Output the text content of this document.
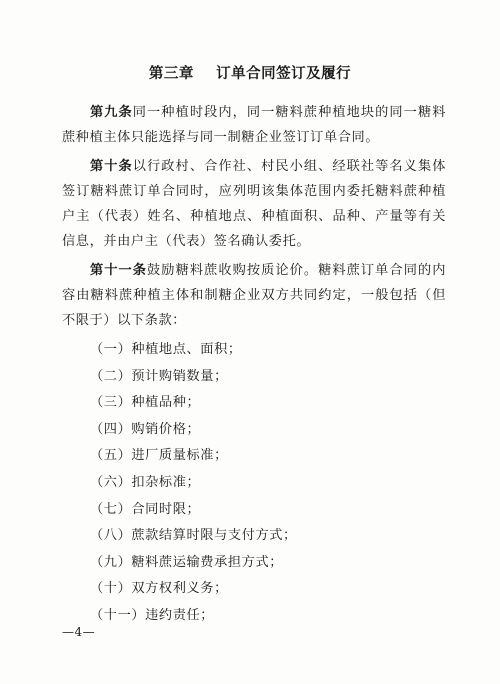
第三章    订单合同签订及履行

第九条同一种植时段内，同一糖料蔗种植地块的同一糖料蔗种植主体只能选择与同一制糖企业签订订单合同。

第十条以行政村、合作社、村民小组、经联社等名义集体签订糖料蔗订单合同时，应列明该集体范围内委托糖料蔗种植户主（代表）姓名、种植地点、种植面积、品种、产量等有关信息，并由户主（代表）签名确认委托。

第十一条鼓励糖料蔗收购按质论价。糖料蔗订单合同的内容由糖料蔗种植主体和制糖企业双方共同约定，一般包括（但不限于）以下条款：

（一）种植地点、面积；

（二）预计购销数量；

（三）种植品种；

（四）购销价格；

（五）进厂质量标准；

（六）扣杂标准；

（七）合同时限；

（八）蔗款结算时限与支付方式；

（九）糖料蔗运输费承担方式；

（十）双方权利义务；

（十一）违约责任；

—4—
